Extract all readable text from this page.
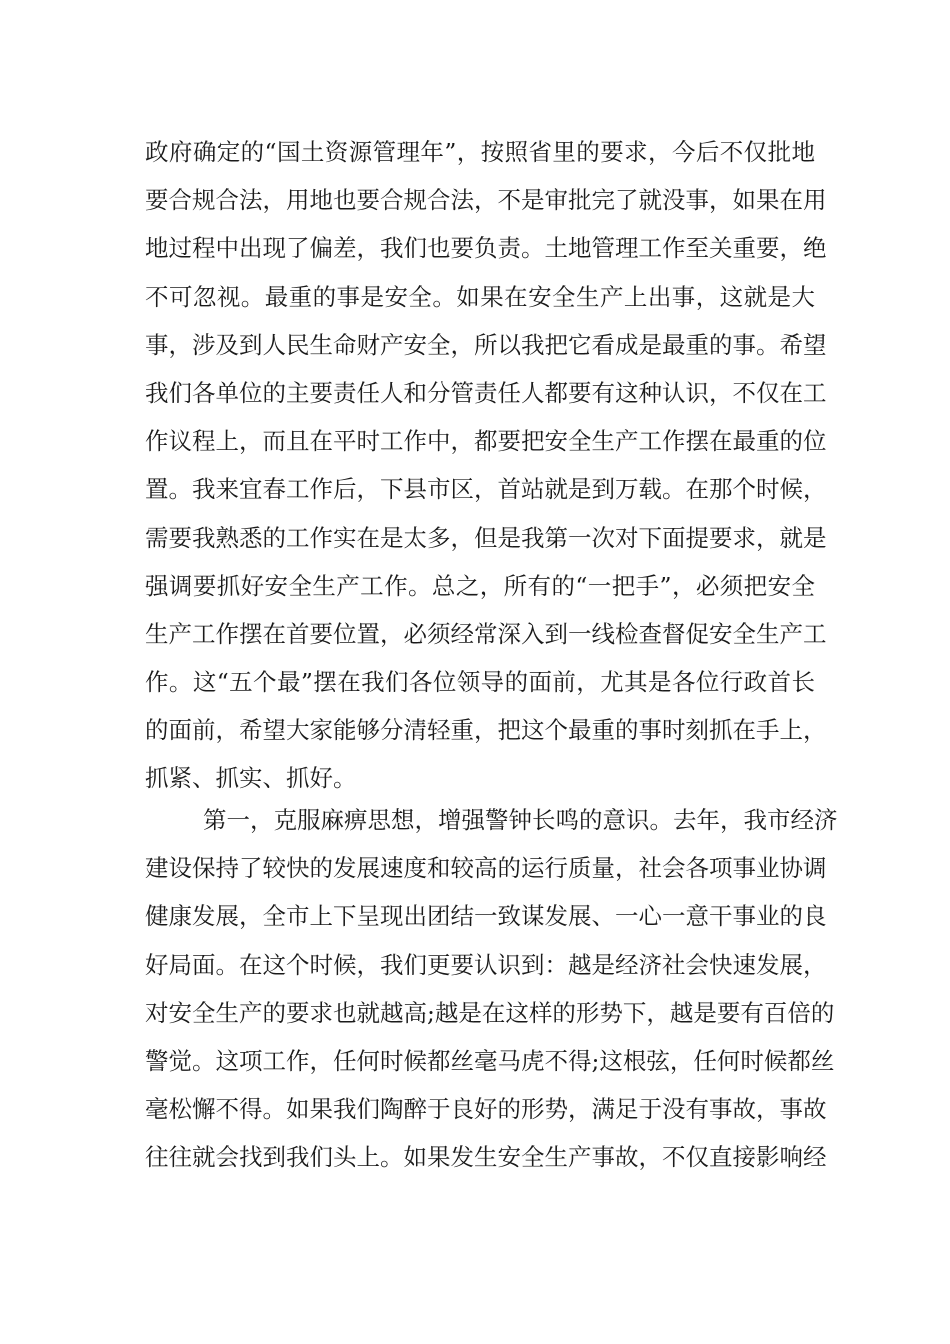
政府确定的“国土资源管理年”，按照省里的要求，今后不仅批地
要合规合法，用地也要合规合法，不是审批完了就没事，如果在用
地过程中出现了偏差，我们也要负责。土地管理工作至关重要，绝
不可忽视。最重的事是安全。如果在安全生产上出事，这就是大
事，涉及到人民生命财产安全，所以我把它看成是最重的事。希望
我们各单位的主要责任人和分管责任人都要有这种认识，不仅在工
作议程上，而且在平时工作中，都要把安全生产工作摆在最重的位
置。我来宜春工作后，下县市区，首站就是到万载。在那个时候，
需要我熟悉的工作实在是太多，但是我第一次对下面提要求，就是
强调要抓好安全生产工作。总之，所有的“一把手”，必须把安全
生产工作摆在首要位置，必须经常深入到一线检查督促安全生产工
作。这“五个最”摆在我们各位领导的面前，尤其是各位行政首长
的面前，希望大家能够分清轻重，把这个最重的事时刻抓在手上，
抓紧、抓实、抓好。
第一，克服麻痹思想，增强警钟长鸣的意识。去年，我市经济
建设保持了较快的发展速度和较高的运行质量，社会各项事业协调
健康发展，全市上下呈现出团结一致谋发展、一心一意干事业的良
好局面。在这个时候，我们更要认识到：越是经济社会快速发展，
对安全生产的要求也就越高;越是在这样的形势下，越是要有百倍的
警觉。这项工作，任何时候都丝毫马虎不得;这根弦，任何时候都丝
毫松懈不得。如果我们陶醉于良好的形势，满足于没有事故，事故
往往就会找到我们头上。如果发生安全生产事故，不仅直接影响经
